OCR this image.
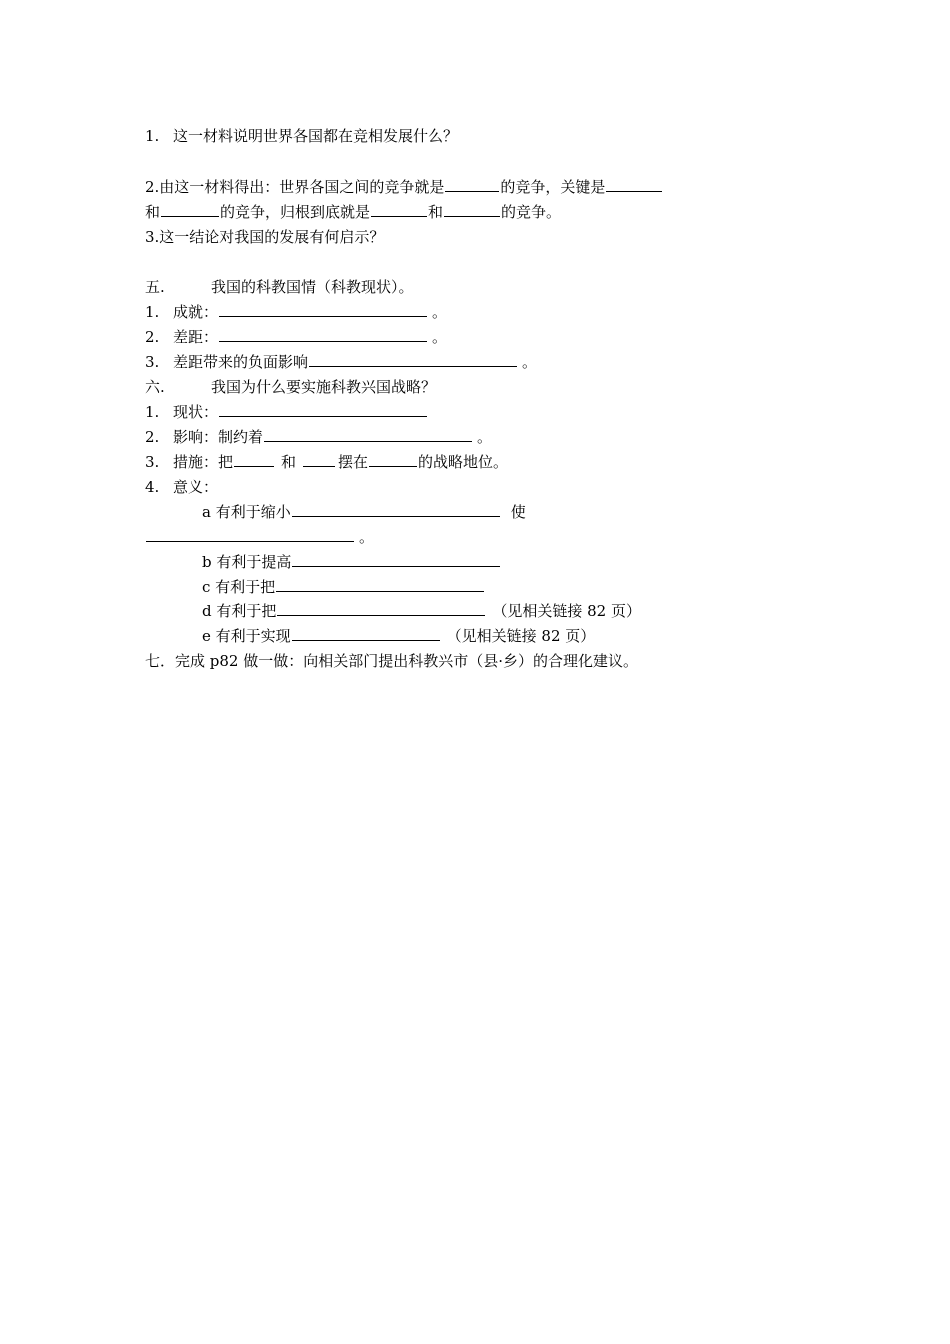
1. 这一材料说明世界各国都在竞相发展什么？
2.由这一材料得出：世界各国之间的竞争就是	的竞争，关键是
和	的竞争，归根到底就是	和	的竞争。
3.这一结论对我国的发展有何启示？
五.	我国的科教国情（科教现状）。
1. 成就：	。
2. 差距：	。
3. 差距带来的负面影响	。
六.	我国为什么要实施科教兴国战略？
1. 现状：
2. 影响：制约着	。
3. 措施：把	和	摆在	的战略地位。
4. 意义：
a 有利于缩小	使
。
b 有利于提高
c 有利于把
d 有利于把	（见相关链接 82 页）
e 有利于实现	（见相关链接 82 页）
七．完成 p82 做一做：向相关部门提出科教兴市（县·乡）的合理化建议。
